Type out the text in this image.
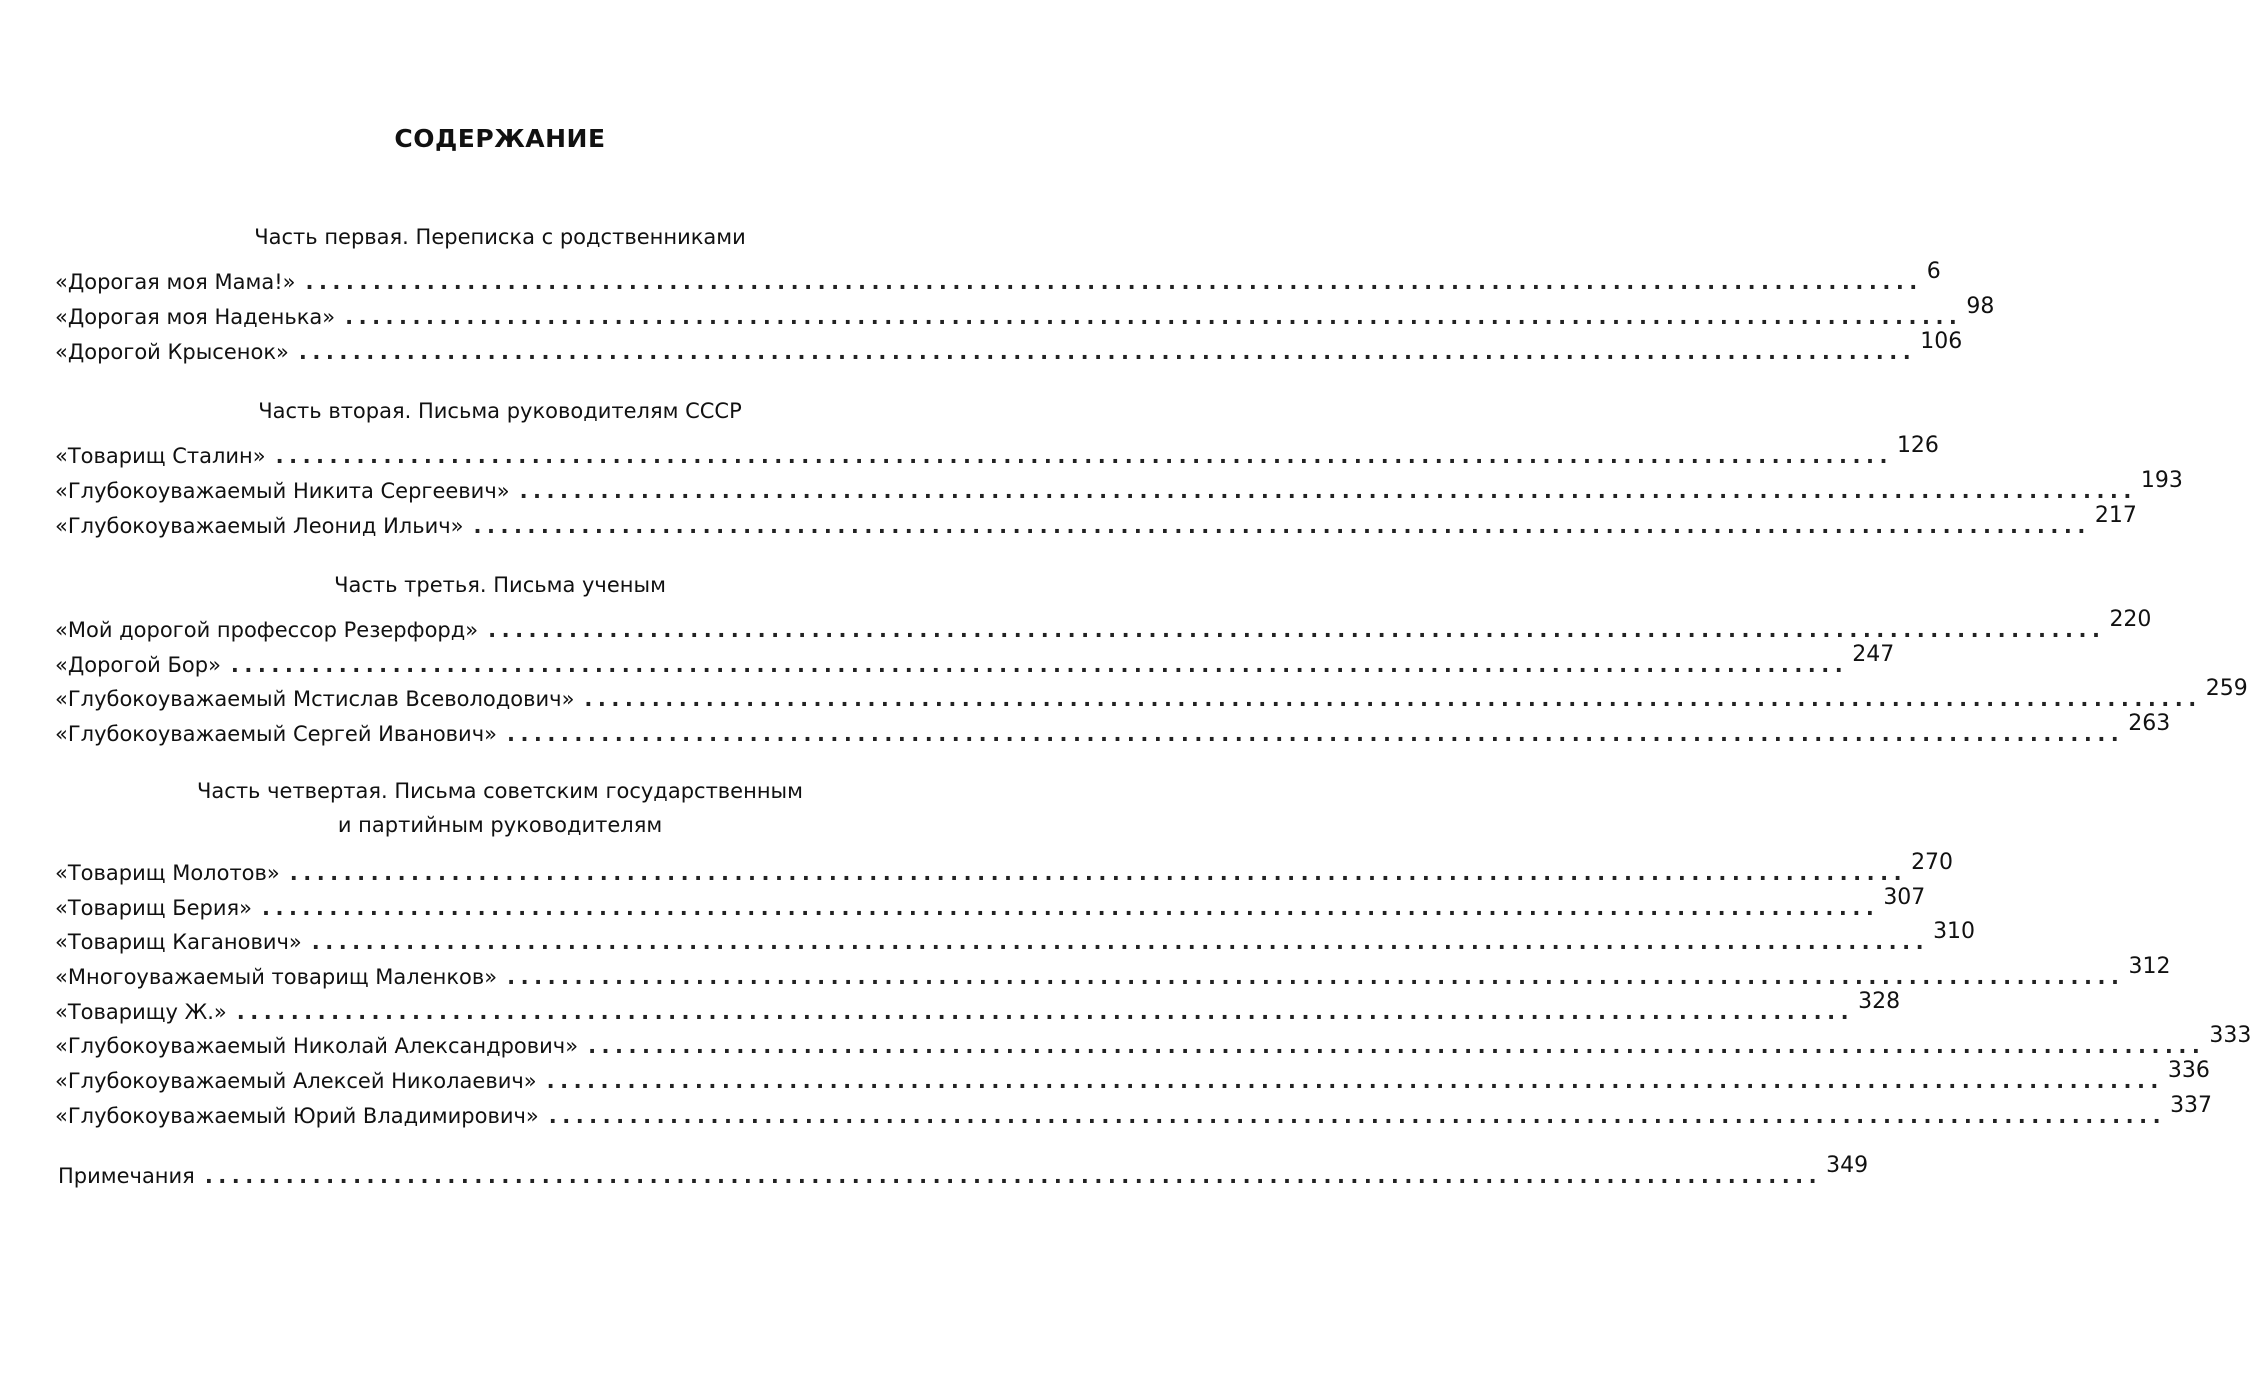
СОДЕРЖАНИЕ
Часть первая. Переписка с родственниками
«Дорогая моя Мама!» ........................................................................................................................ 6
«Дорогая моя Наденька» ........................................................................................................................ 98
«Дорогой Крысенок» ........................................................................................................................ 106
Часть вторая. Письма руководителям СССР
«Товарищ Сталин» ........................................................................................................................ 126
«Глубокоуважаемый Никита Сергеевич» ........................................................................................................................ 193
«Глубокоуважаемый Леонид Ильич» ........................................................................................................................ 217
Часть третья. Письма ученым
«Мой дорогой профессор Резерфорд» ........................................................................................................................ 220
«Дорогой Бор» ........................................................................................................................ 247
«Глубокоуважаемый Мстислав Всеволодович» ........................................................................................................................ 259
«Глубокоуважаемый Сергей Иванович» ........................................................................................................................ 263
Часть четвертая. Письма советским государственным
и партийным руководителям
«Товарищ Молотов» ........................................................................................................................ 270
«Товарищ Берия» ........................................................................................................................ 307
«Товарищ Каганович» ........................................................................................................................ 310
«Многоуважаемый товарищ Маленков» ........................................................................................................................ 312
«Товарищу Ж.» ........................................................................................................................ 328
«Глубокоуважаемый Николай Александрович» ........................................................................................................................ 333
«Глубокоуважаемый Алексей Николаевич» ........................................................................................................................ 336
«Глубокоуважаемый Юрий Владимирович» ........................................................................................................................ 337
Примечания ........................................................................................................................ 349
